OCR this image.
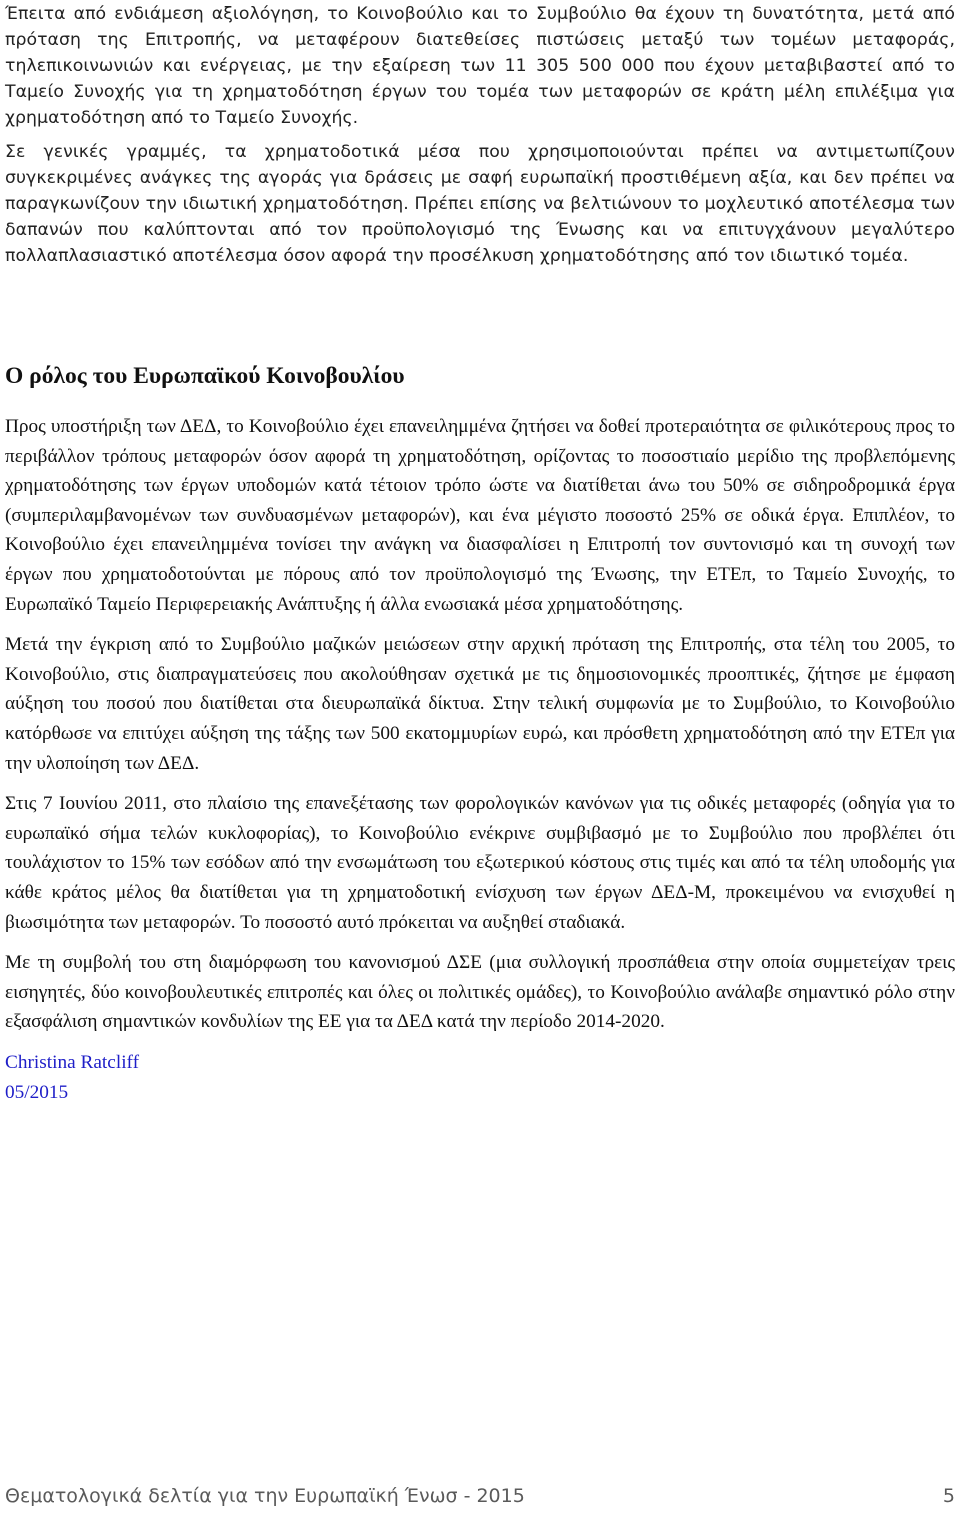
Έπειτα από ενδιάμεση αξιολόγηση, το Κοινοβούλιο και το Συμβούλιο θα έχουν τη δυνατότητα, μετά από πρόταση της Επιτροπής, να μεταφέρουν διατεθείσες πιστώσεις μεταξύ των τομέων μεταφοράς, τηλεπικοινωνιών και ενέργειας, με την εξαίρεση των 11 305 500 000 που έχουν μεταβιβαστεί από το Ταμείο Συνοχής για τη χρηματοδότηση έργων του τομέα των μεταφορών σε κράτη μέλη επιλέξιμα για χρηματοδότηση από το Ταμείο Συνοχής.

Σε γενικές γραμμές, τα χρηματοδοτικά μέσα που χρησιμοποιούνται πρέπει να αντιμετωπίζουν συγκεκριμένες ανάγκες της αγοράς για δράσεις με σαφή ευρωπαϊκή προστιθέμενη αξία, και δεν πρέπει να παραγκωνίζουν την ιδιωτική χρηματοδότηση. Πρέπει επίσης να βελτιώνουν το μοχλευτικό αποτέλεσμα των δαπανών που καλύπτονται από τον προϋπολογισμό της Ένωσης και να επιτυγχάνουν μεγαλύτερο πολλαπλασιαστικό αποτέλεσμα όσον αφορά την προσέλκυση χρηματοδότησης από τον ιδιωτικό τομέα.

Ο ρόλος του Ευρωπαϊκού Κοινοβουλίου

Προς υποστήριξη των ΔΕΔ, το Κοινοβούλιο έχει επανειλημμένα ζητήσει να δοθεί προτεραιότητα σε φιλικότερους προς το περιβάλλον τρόπους μεταφορών όσον αφορά τη χρηματοδότηση, ορίζοντας το ποσοστιαίο μερίδιο της προβλεπόμενης χρηματοδότησης των έργων υποδομών κατά τέτοιον τρόπο ώστε να διατίθεται άνω του 50% σε σιδηροδρομικά έργα (συμπεριλαμβανομένων των συνδυασμένων μεταφορών), και ένα μέγιστο ποσοστό 25% σε οδικά έργα. Επιπλέον, το Κοινοβούλιο έχει επανειλημμένα τονίσει την ανάγκη να διασφαλίσει η Επιτροπή τον συντονισμό και τη συνοχή των έργων που χρηματοδοτούνται με πόρους από τον προϋπολογισμό της Ένωσης, την ΕΤΕπ, το Ταμείο Συνοχής, το Ευρωπαϊκό Ταμείο Περιφερειακής Ανάπτυξης ή άλλα ενωσιακά μέσα χρηματοδότησης.

Μετά την έγκριση από το Συμβούλιο μαζικών μειώσεων στην αρχική πρόταση της Επιτροπής, στα τέλη του 2005, το Κοινοβούλιο, στις διαπραγματεύσεις που ακολούθησαν σχετικά με τις δημοσιονομικές προοπτικές, ζήτησε με έμφαση αύξηση του ποσού που διατίθεται στα διευρωπαϊκά δίκτυα. Στην τελική συμφωνία με το Συμβούλιο, το Κοινοβούλιο κατόρθωσε να επιτύχει αύξηση της τάξης των 500 εκατομμυρίων ευρώ, και πρόσθετη χρηματοδότηση από την ΕΤΕπ για την υλοποίηση των ΔΕΔ.

Στις 7 Ιουνίου 2011, στο πλαίσιο της επανεξέτασης των φορολογικών κανόνων για τις οδικές μεταφορές (οδηγία για το ευρωπαϊκό σήμα τελών κυκλοφορίας), το Κοινοβούλιο ενέκρινε συμβιβασμό με το Συμβούλιο που προβλέπει ότι τουλάχιστον το 15% των εσόδων από την ενσωμάτωση του εξωτερικού κόστους στις τιμές και από τα τέλη υποδομής για κάθε κράτος μέλος θα διατίθεται για τη χρηματοδοτική ενίσχυση των έργων ΔΕΔ-Μ, προκειμένου να ενισχυθεί η βιωσιμότητα των μεταφορών. Το ποσοστό αυτό πρόκειται να αυξηθεί σταδιακά.

Με τη συμβολή του στη διαμόρφωση του κανονισμού ΔΣΕ (μια συλλογική προσπάθεια στην οποία συμμετείχαν τρεις εισηγητές, δύο κοινοβουλευτικές επιτροπές και όλες οι πολιτικές ομάδες), το Κοινοβούλιο ανάλαβε σημαντικό ρόλο στην εξασφάλιση σημαντικών κονδυλίων της ΕΕ για τα ΔΕΔ κατά την περίοδο 2014-2020.

Christina Ratcliff
05/2015
Θεματολογικά δελτία για την Ευρωπαϊκή Ένωσ - 2015	5
